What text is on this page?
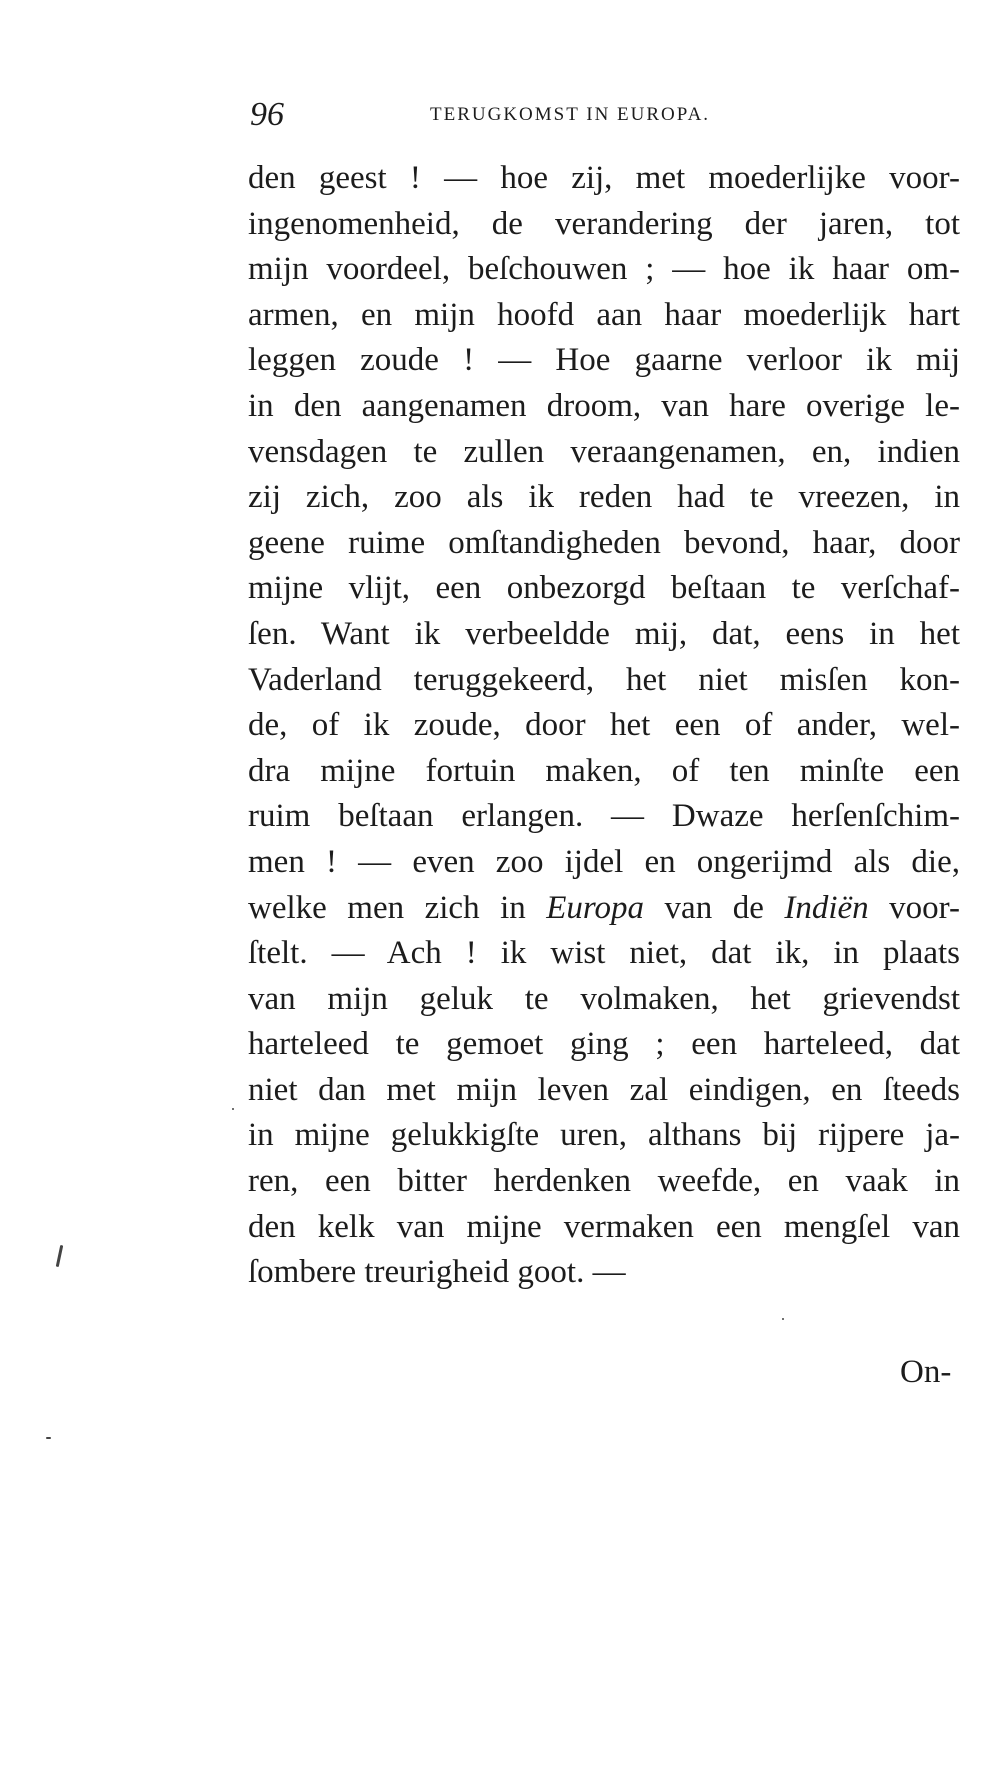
96	TERUGKOMST IN EUROPA.
den geest ! — hoe zij, met moederlijke voor-
ingenomenheid, de verandering der jaren, tot
mijn voordeel, beſchouwen ; — hoe ik haar om-
armen, en mijn hoofd aan haar moederlijk hart
leggen zoude ! — Hoe gaarne verloor ik mij
in den aangenamen droom, van hare overige le-
vensdagen te zullen veraangenamen, en, indien
zij zich, zoo als ik reden had te vreezen, in
geene ruime omſtandigheden bevond, haar, door
mijne vlijt, een onbezorgd beſtaan te verſchaf-
ſen. Want ik verbeeldde mij, dat, eens in het
Vaderland teruggekeerd, het niet misſen kon-
de, of ik zoude, door het een of ander, wel-
dra mijne fortuin maken, of ten minſte een
ruim beſtaan erlangen. — Dwaze herſenſchim-
men ! — even zoo ijdel en ongerijmd als die,
welke men zich in Europa van de Indiën voor-
ſtelt. — Ach ! ik wist niet, dat ik, in plaats
van mijn geluk te volmaken, het grievendst
harteleed te gemoet ging ; een harteleed, dat
niet dan met mijn leven zal eindigen, en ſteeds
in mijne gelukkigſte uren, althans bij rijpere ja-
ren, een bitter herdenken weefde, en vaak in
den kelk van mijne vermaken een mengſel van
ſombere treurigheid goot. —
On-
